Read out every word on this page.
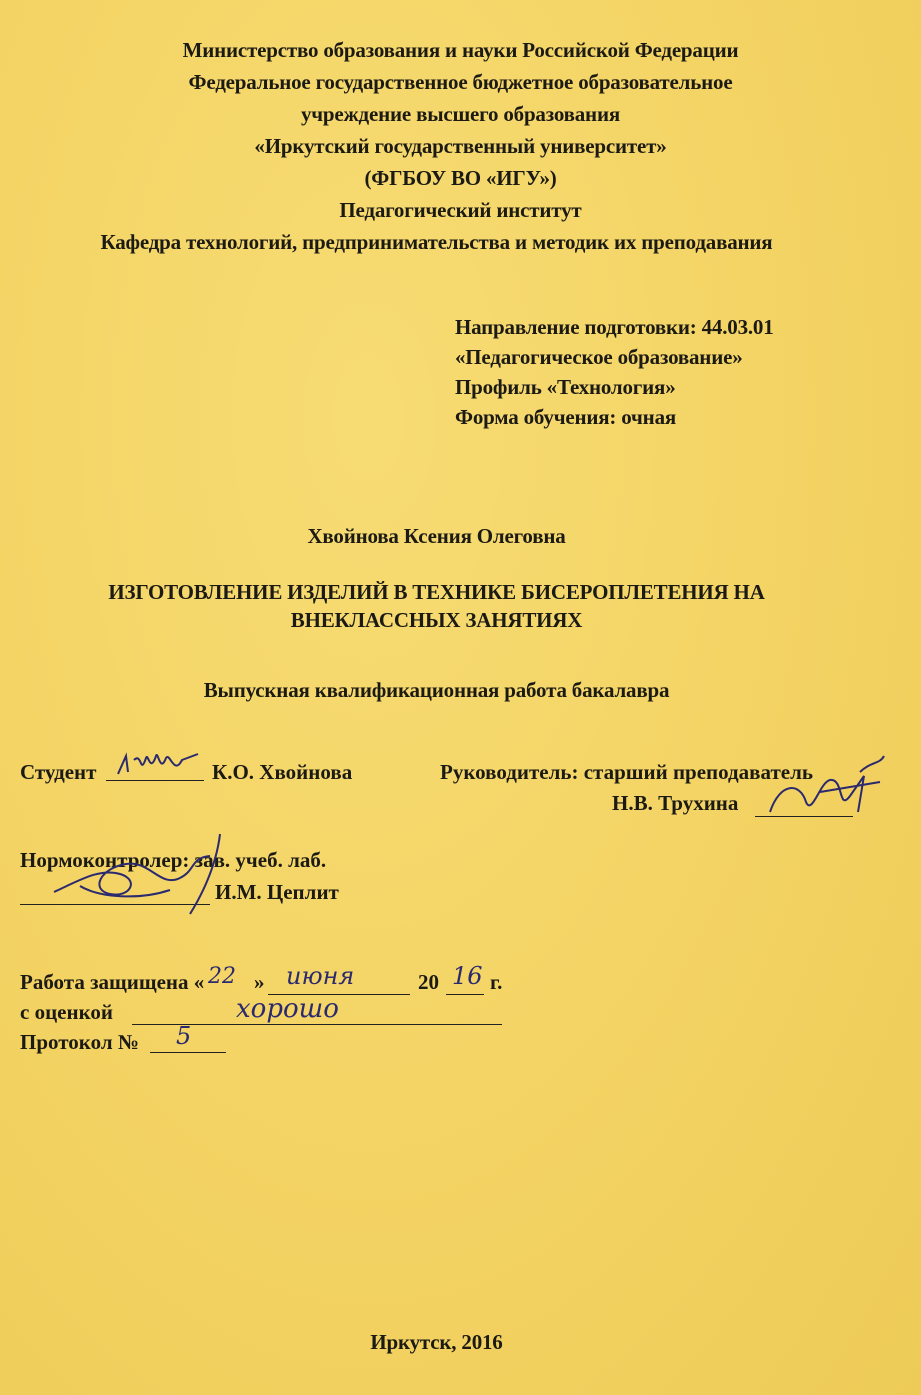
Министерство образования и науки Российской Федерации
Федеральное государственное бюджетное образовательное
учреждение высшего образования
«Иркутский государственный университет»
(ФГБОУ ВО «ИГУ»)
Педагогический институт
Кафедра технологий, предпринимательства и методик их преподавания
Направление подготовки: 44.03.01
«Педагогическое образование»
Профиль «Технология»
Форма обучения: очная
Хвойнова Ксения Олеговна
ИЗГОТОВЛЕНИЕ ИЗДЕЛИЙ В ТЕХНИКЕ БИСЕРОПЛЕТЕНИЯ НА
ВНЕКЛАССНЫХ ЗАНЯТИЯХ
Выпускная квалификационная работа бакалавра
Студент	К.О. Хвойнова	Руководитель: старший преподаватель
Н.В. Трухина
Нормоконтролер: зав. учеб. лаб.
И.М. Цеплит
Работа защищена « 22 » июня	20 16 г.
с оценкой	хорошо
Протокол № 5
Иркутск, 2016
